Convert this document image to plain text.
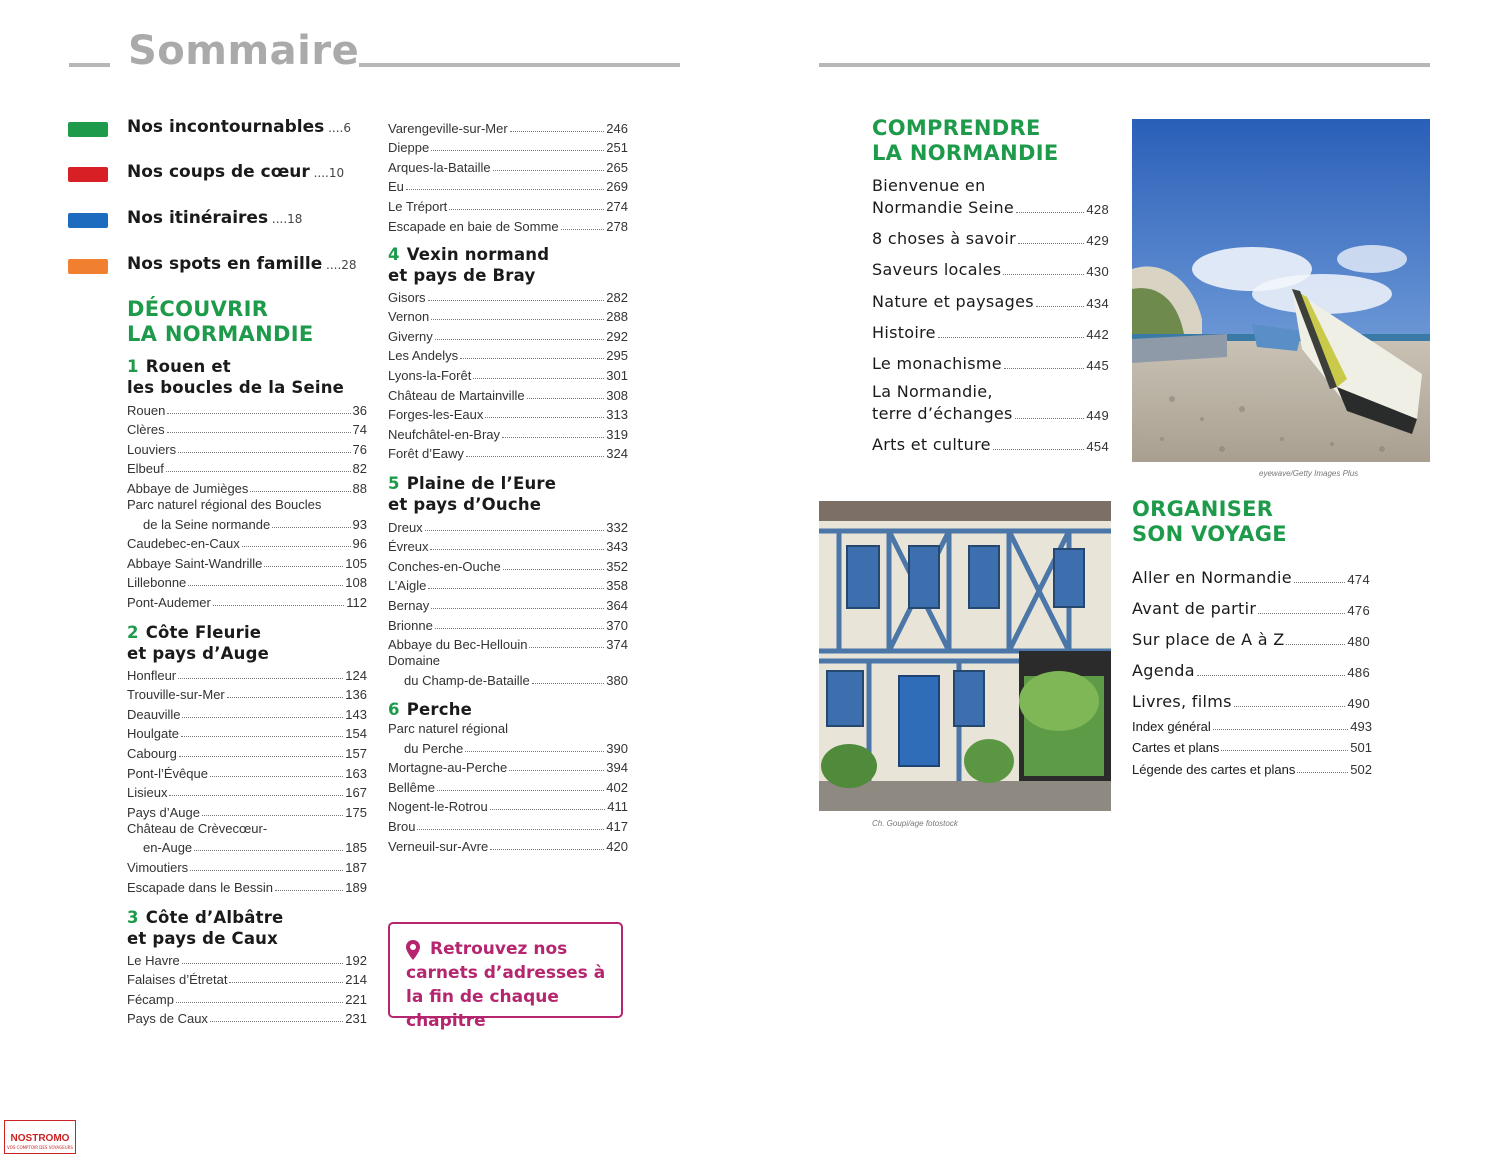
Sommaire
Nos incontournables ....6
Nos coups de cœur ....10
Nos itinéraires ....18
Nos spots en famille ....28
DÉCOUVRIR
LA NORMANDIE
1 Rouen et
les boucles de la Seine
Rouen	36
Clères	74
Louviers	76
Elbeuf	82
Abbaye de Jumièges	88
Parc naturel régional des Boucles
de la Seine normande	93
Caudebec-en-Caux	96
Abbaye Saint-Wandrille	105
Lillebonne	108
Pont-Audemer	112
2 Côte Fleurie
et pays d’Auge
Honfleur	124
Trouville-sur-Mer	136
Deauville	143
Houlgate	154
Cabourg	157
Pont-l’Évêque	163
Lisieux	167
Pays d’Auge	175
Château de Crèvecœur-
en-Auge	185
Vimoutiers	187
Escapade dans le Bessin	189
3 Côte d’Albâtre
et pays de Caux
Le Havre	192
Falaises d’Étretat	214
Fécamp	221
Pays de Caux	231
Varengeville-sur-Mer	246
Dieppe	251
Arques-la-Bataille	265
Eu	269
Le Tréport	274
Escapade en baie de Somme	278
4 Vexin normand
et pays de Bray
Gisors	282
Vernon	288
Giverny	292
Les Andelys	295
Lyons-la-Forêt	301
Château de Martainville	308
Forges-les-Eaux	313
Neufchâtel-en-Bray	319
Forêt d’Eawy	324
5 Plaine de l’Eure
et pays d’Ouche
Dreux	332
Évreux	343
Conches-en-Ouche	352
L’Aigle	358
Bernay	364
Brionne	370
Abbaye du Bec-Hellouin	374
Domaine
du Champ-de-Bataille	380
6 Perche
Parc naturel régional
du Perche	390
Mortagne-au-Perche	394
Bellême	402
Nogent-le-Rotrou	411
Brou	417
Verneuil-sur-Avre	420
Retrouvez nos carnets d’adresses à la fin de chaque chapitre
COMPRENDRE
LA NORMANDIE
Bienvenue en
Normandie Seine	428
8 choses à savoir	429
Saveurs locales	430
Nature et paysages	434
Histoire	442
Le monachisme	445
La Normandie,
terre d’échanges	449
Arts et culture	454
eyewave/Getty Images Plus
Ch. Goupi/age fotostock
ORGANISER
SON VOYAGE
Aller en Normandie	474
Avant de partir	476
Sur place de A à Z	480
Agenda	486
Livres, films	490
Index général	493
Cartes et plans	501
Légende des cartes et plans	502
NOSTROMO
VOS COMPTOIR DES VOYAGEURS
